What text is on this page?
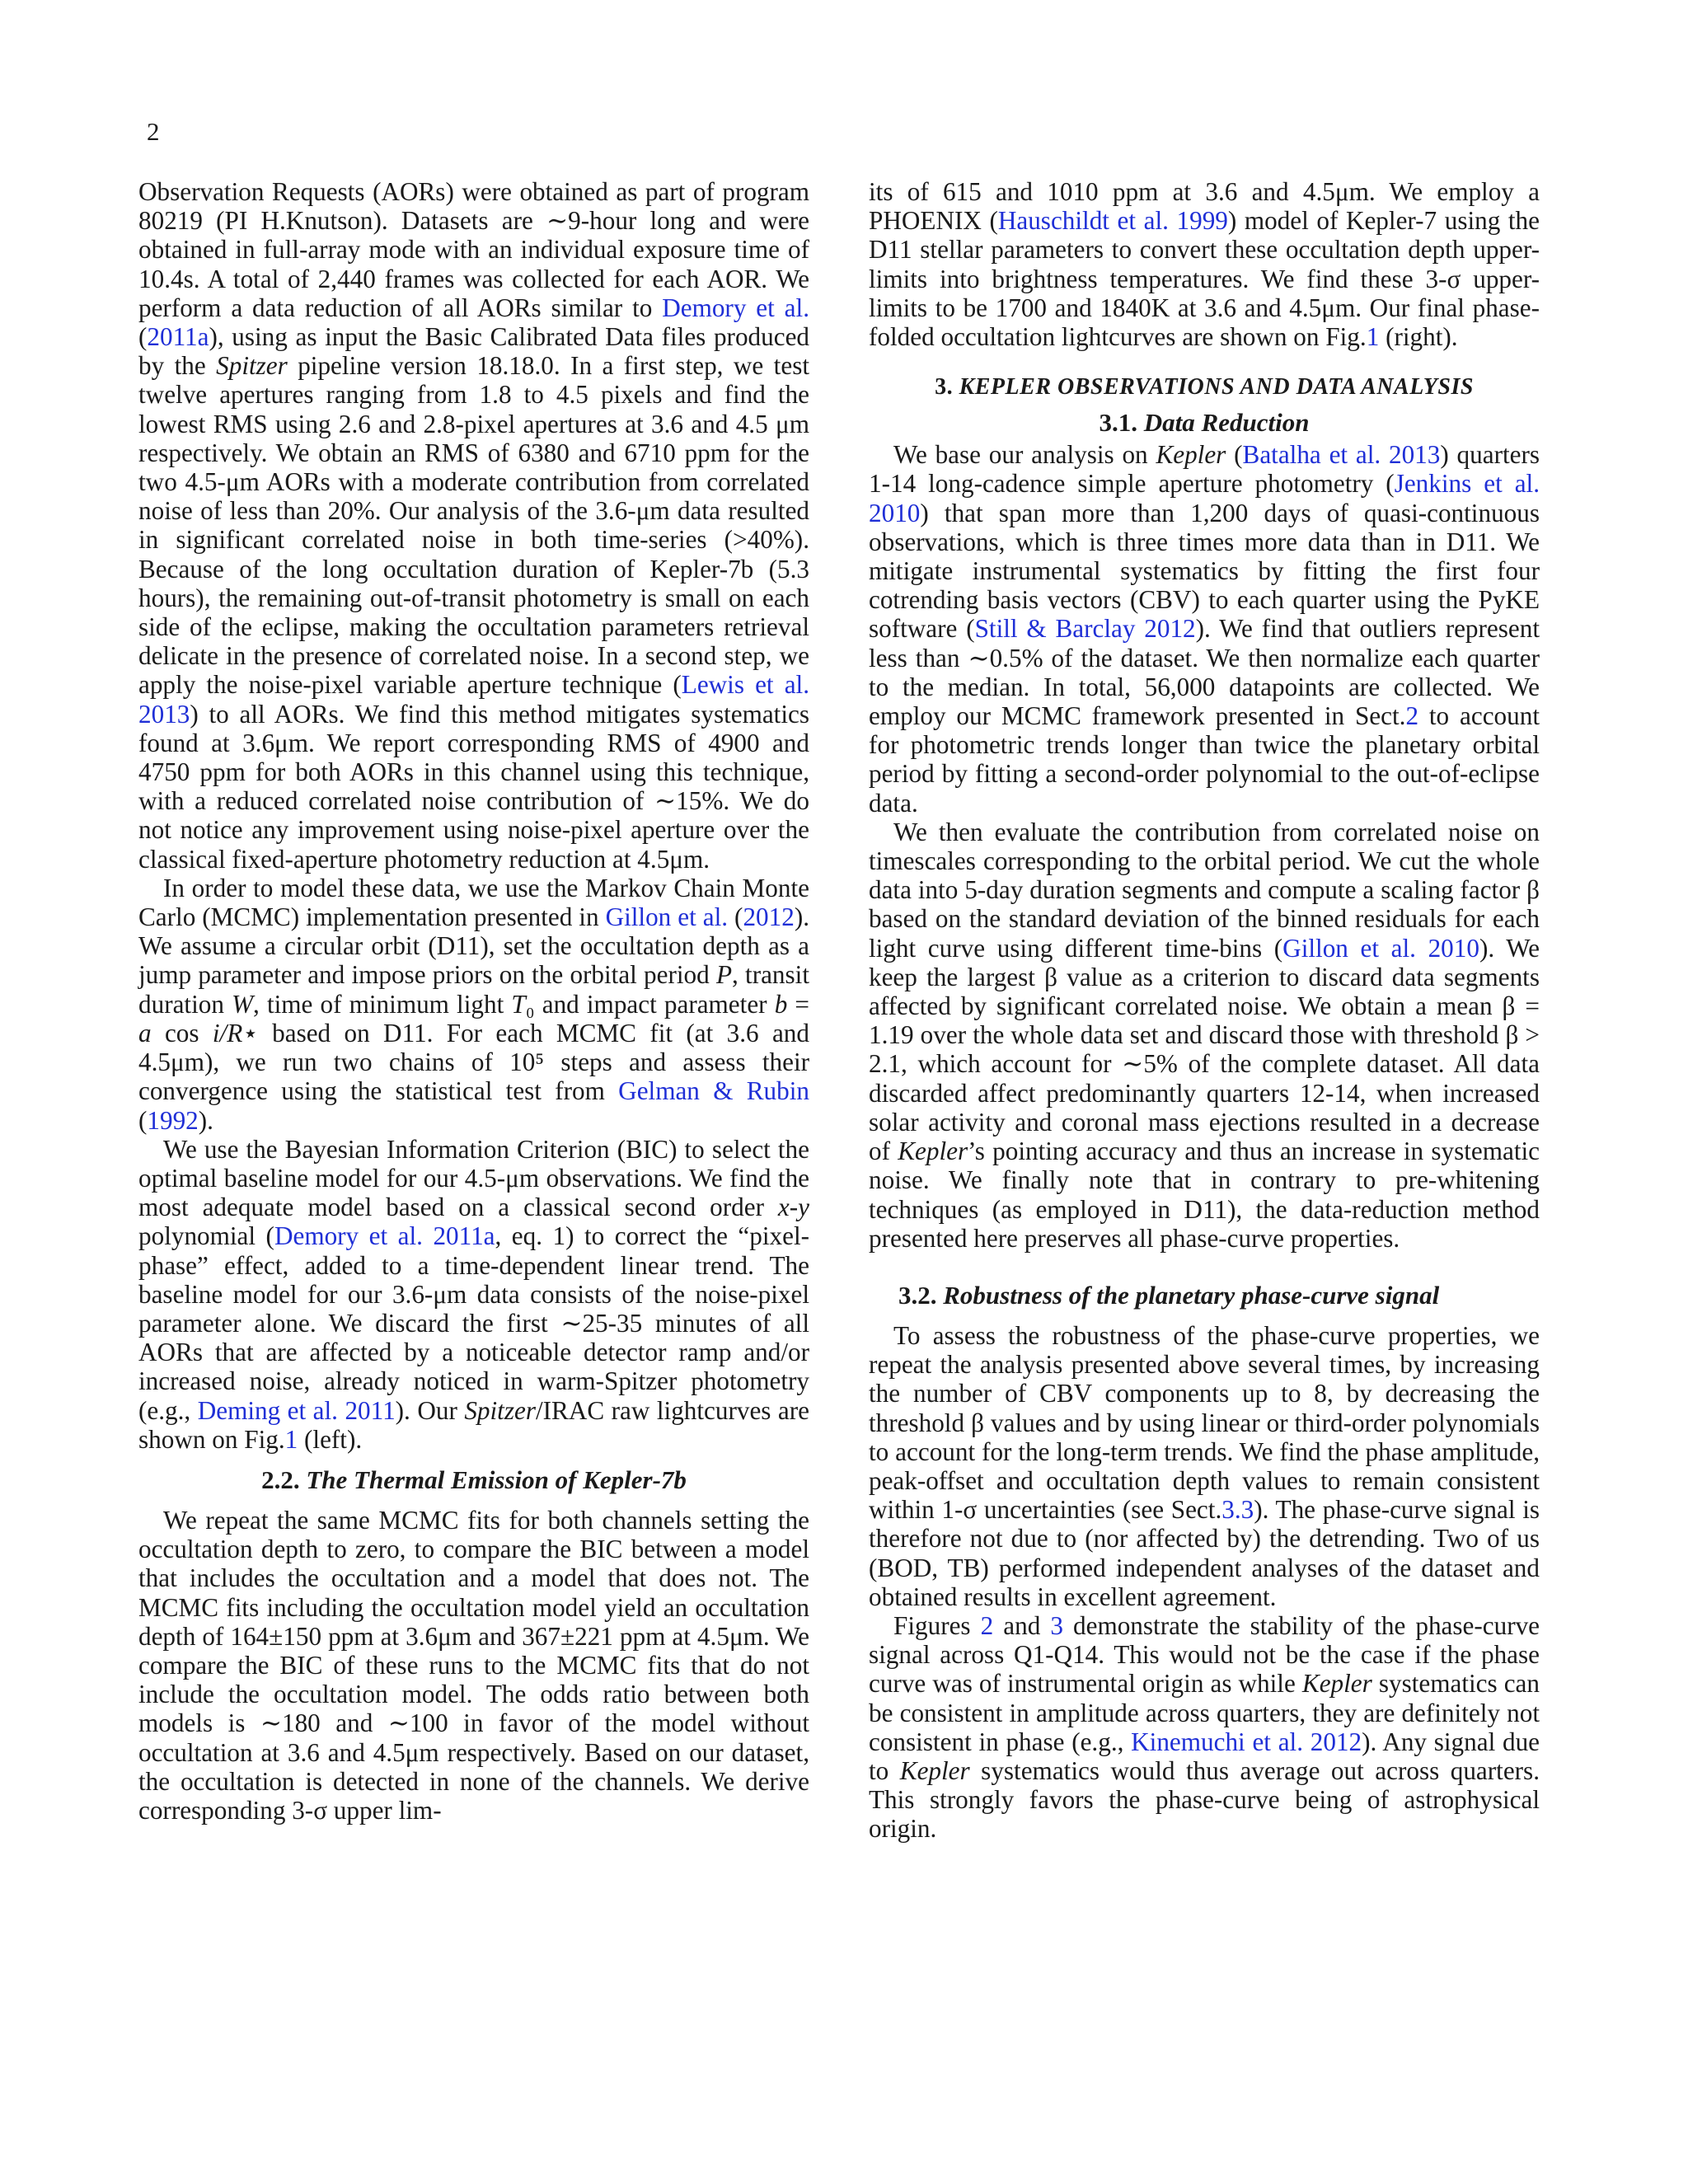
2

Observation Requests (AORs) were obtained as part of program 80219 (PI H.Knutson). Datasets are ∼9-hour long and were obtained in full-array mode with an individual exposure time of 10.4s. A total of 2,440 frames was collected for each AOR. We perform a data reduction of all AORs similar to Demory et al. (2011a), using as input the Basic Calibrated Data files produced by the Spitzer pipeline version 18.18.0. In a first step, we test twelve apertures ranging from 1.8 to 4.5 pixels and find the lowest RMS using 2.6 and 2.8-pixel apertures at 3.6 and 4.5 μm respectively. We obtain an RMS of 6380 and 6710 ppm for the two 4.5-μm AORs with a moderate contribution from correlated noise of less than 20%. Our analysis of the 3.6-μm data resulted in significant correlated noise in both time-series (>40%). Because of the long occultation duration of Kepler-7b (5.3 hours), the remaining out-of-transit photometry is small on each side of the eclipse, making the occultation parameters retrieval delicate in the presence of correlated noise. In a second step, we apply the noise-pixel variable aperture technique (Lewis et al. 2013) to all AORs. We find this method mitigates systematics found at 3.6μm. We report corresponding RMS of 4900 and 4750 ppm for both AORs in this channel using this technique, with a reduced correlated noise contribution of ∼15%. We do not notice any improvement using noise-pixel aperture over the classical fixed-aperture photometry reduction at 4.5μm.

In order to model these data, we use the Markov Chain Monte Carlo (MCMC) implementation presented in Gillon et al. (2012). We assume a circular orbit (D11), set the occultation depth as a jump parameter and impose priors on the orbital period P, transit duration W, time of minimum light T₀ and impact parameter b = a cos i/R⋆ based on D11. For each MCMC fit (at 3.6 and 4.5μm), we run two chains of 10⁵ steps and assess their convergence using the statistical test from Gelman & Rubin (1992).

We use the Bayesian Information Criterion (BIC) to select the optimal baseline model for our 4.5-μm observations. We find the most adequate model based on a classical second order x-y polynomial (Demory et al. 2011a, eq. 1) to correct the “pixel-phase” effect, added to a time-dependent linear trend. The baseline model for our 3.6-μm data consists of the noise-pixel parameter alone. We discard the first ∼25-35 minutes of all AORs that are affected by a noticeable detector ramp and/or increased noise, already noticed in warm-Spitzer photometry (e.g., Deming et al. 2011). Our Spitzer/IRAC raw lightcurves are shown on Fig.1 (left).

2.2. The Thermal Emission of Kepler-7b

We repeat the same MCMC fits for both channels setting the occultation depth to zero, to compare the BIC between a model that includes the occultation and a model that does not. The MCMC fits including the occultation model yield an occultation depth of 164±150 ppm at 3.6μm and 367±221 ppm at 4.5μm. We compare the BIC of these runs to the MCMC fits that do not include the occultation model. The odds ratio between both models is ∼180 and ∼100 in favor of the model without occultation at 3.6 and 4.5μm respectively. Based on our dataset, the occultation is detected in none of the channels. We derive corresponding 3-σ upper lim-

its of 615 and 1010 ppm at 3.6 and 4.5μm. We employ a PHOENIX (Hauschildt et al. 1999) model of Kepler-7 using the D11 stellar parameters to convert these occultation depth upper-limits into brightness temperatures. We find these 3-σ upper-limits to be 1700 and 1840K at 3.6 and 4.5μm. Our final phase-folded occultation lightcurves are shown on Fig.1 (right).

3. KEPLER OBSERVATIONS AND DATA ANALYSIS
3.1. Data Reduction

We base our analysis on Kepler (Batalha et al. 2013) quarters 1-14 long-cadence simple aperture photometry (Jenkins et al. 2010) that span more than 1,200 days of quasi-continuous observations, which is three times more data than in D11. We mitigate instrumental systematics by fitting the first four cotrending basis vectors (CBV) to each quarter using the PyKE software (Still & Barclay 2012). We find that outliers represent less than ∼0.5% of the dataset. We then normalize each quarter to the median. In total, 56,000 datapoints are collected. We employ our MCMC framework presented in Sect.2 to account for photometric trends longer than twice the planetary orbital period by fitting a second-order polynomial to the out-of-eclipse data.

We then evaluate the contribution from correlated noise on timescales corresponding to the orbital period. We cut the whole data into 5-day duration segments and compute a scaling factor β based on the standard deviation of the binned residuals for each light curve using different time-bins (Gillon et al. 2010). We keep the largest β value as a criterion to discard data segments affected by significant correlated noise. We obtain a mean β = 1.19 over the whole data set and discard those with threshold β > 2.1, which account for ∼5% of the complete dataset. All data discarded affect predominantly quarters 12-14, when increased solar activity and coronal mass ejections resulted in a decrease of Kepler’s pointing accuracy and thus an increase in systematic noise. We finally note that in contrary to pre-whitening techniques (as employed in D11), the data-reduction method presented here preserves all phase-curve properties.

3.2. Robustness of the planetary phase-curve signal

To assess the robustness of the phase-curve properties, we repeat the analysis presented above several times, by increasing the number of CBV components up to 8, by decreasing the threshold β values and by using linear or third-order polynomials to account for the long-term trends. We find the phase amplitude, peak-offset and occultation depth values to remain consistent within 1-σ uncertainties (see Sect.3.3). The phase-curve signal is therefore not due to (nor affected by) the detrending. Two of us (BOD, TB) performed independent analyses of the dataset and obtained results in excellent agreement.

Figures 2 and 3 demonstrate the stability of the phase-curve signal across Q1-Q14. This would not be the case if the phase curve was of instrumental origin as while Kepler systematics can be consistent in amplitude across quarters, they are definitely not consistent in phase (e.g., Kinemuchi et al. 2012). Any signal due to Kepler systematics would thus average out across quarters. This strongly favors the phase-curve being of astrophysical origin.
